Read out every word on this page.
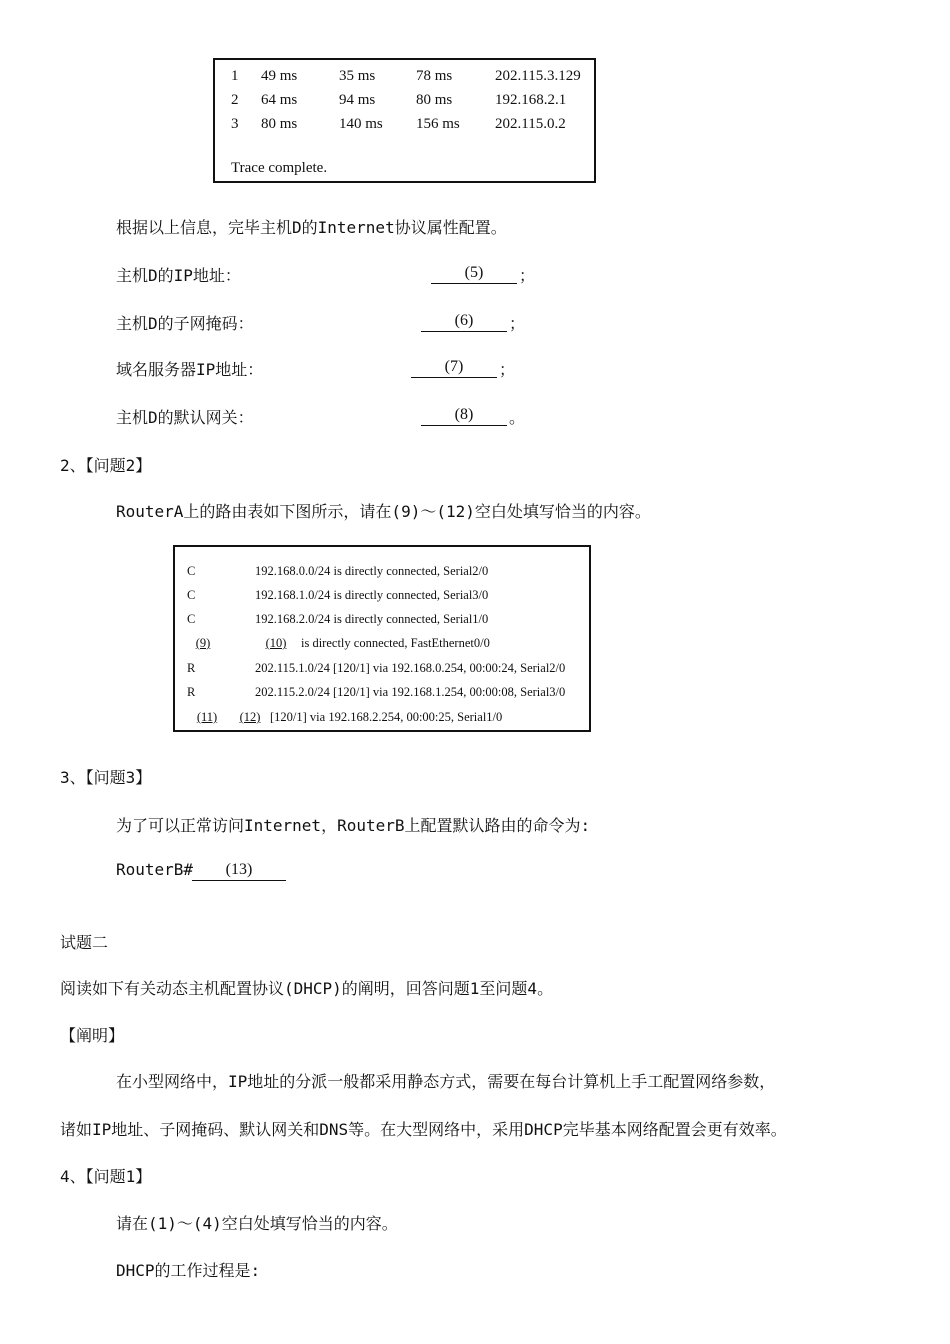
1 49 ms	35 ms	78 ms	202.115.3.129
2 64 ms	94 ms	80 ms	192.168.2.1
3 80 ms	140 ms 156 ms 202.115.0.2
Trace complete.
根据以上信息，完毕主机D的Internet协议属性配置。
主机D的IP地址：	(5)	；
主机D的子网掩码：	(6)	；
域名服务器IP地址：	(7)	；
主机D的默认网关：	(8)	。
2、【问题2】
RouterA上的路由表如下图所示，请在(9)～(12)空白处填写恰当的内容。
C	192.168.0.0/24 is directly connected, Serial2/0
C	192.168.1.0/24 is directly connected, Serial3/0
C	192.168.2.0/24 is directly connected, Serial1/0
(9)	(10)	is directly connected, FastEthernet0/0
R	202.115.1.0/24 [120/1] via 192.168.0.254, 00:00:24, Serial2/0
R	202.115.2.0/24 [120/1] via 192.168.1.254, 00:00:08, Serial3/0
(11)	(12) [120/1] via 192.168.2.254, 00:00:25, Serial1/0
3、【问题3】
为了可以正常访问Internet，RouterB上配置默认路由的命令为:
RouterB#	(13)
试题二
阅读如下有关动态主机配置协议(DHCP)的阐明，回答问题1至问题4。
【阐明】
在小型网络中，IP地址的分派一般都采用静态方式，需要在每台计算机上手工配置网络参数，
诸如IP地址、子网掩码、默认网关和DNS等。在大型网络中，采用DHCP完毕基本网络配置会更有效率。
4、【问题1】
请在(1)～(4)空白处填写恰当的内容。
DHCP的工作过程是:
